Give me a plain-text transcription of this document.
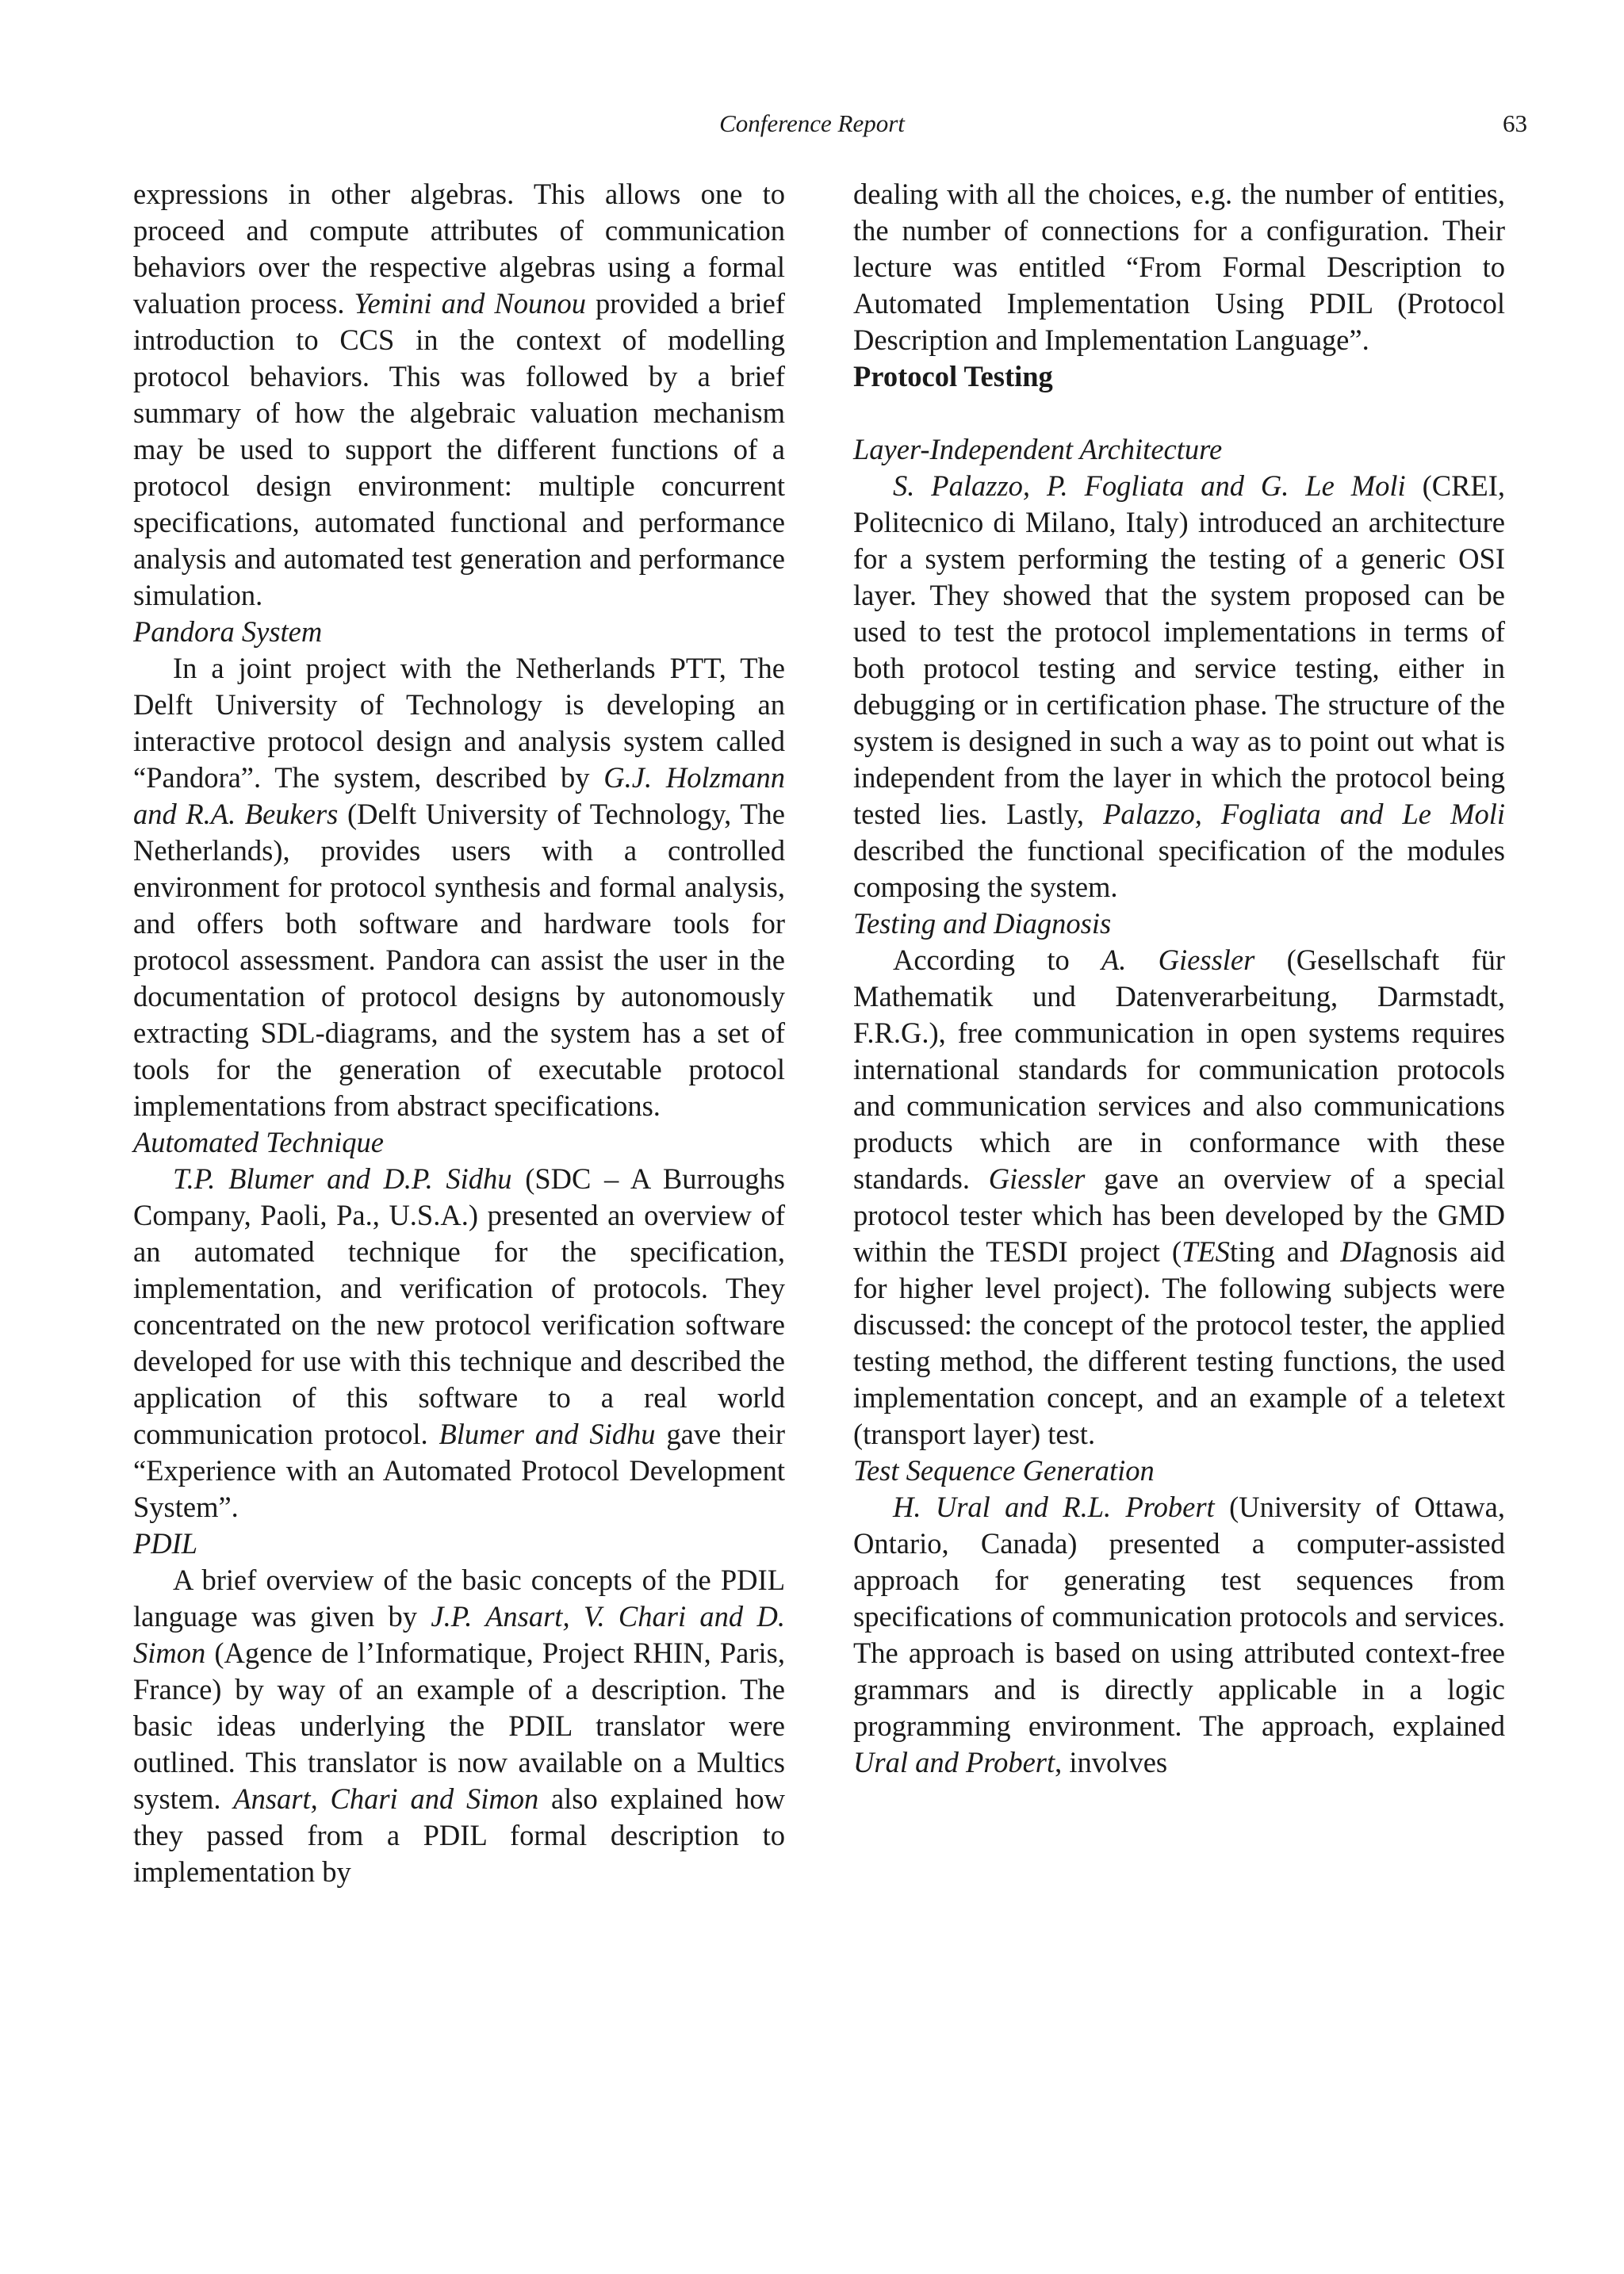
Conference Report	63

expressions in other algebras. This allows one to proceed and compute attributes of communication behaviors over the respective algebras using a formal valuation process. Yemini and Nounou provided a brief introduction to CCS in the context of modelling protocol behaviors. This was followed by a brief summary of how the algebraic valuation mechanism may be used to support the different functions of a protocol design environment: multiple concurrent specifications, automated functional and performance analysis and automated test generation and performance simulation.

Pandora System

In a joint project with the Netherlands PTT, The Delft University of Technology is developing an interactive protocol design and analysis system called “Pandora”. The system, described by G.J. Holzmann and R.A. Beukers (Delft University of Technology, The Netherlands), provides users with a controlled environment for protocol synthesis and formal analysis, and offers both software and hardware tools for protocol assessment. Pandora can assist the user in the documentation of protocol designs by autonomously extracting SDL-diagrams, and the system has a set of tools for the generation of executable protocol implementations from abstract specifications.

Automated Technique

T.P. Blumer and D.P. Sidhu (SDC – A Burroughs Company, Paoli, Pa., U.S.A.) presented an overview of an automated technique for the specification, implementation, and verification of protocols. They concentrated on the new protocol verification software developed for use with this technique and described the application of this software to a real world communication protocol. Blumer and Sidhu gave their “Experience with an Automated Protocol Development System”.

PDIL

A brief overview of the basic concepts of the PDIL language was given by J.P. Ansart, V. Chari and D. Simon (Agence de l’Informatique, Project RHIN, Paris, France) by way of an example of a description. The basic ideas underlying the PDIL translator were outlined. This translator is now available on a Multics system. Ansart, Chari and Simon also explained how they passed from a PDIL formal description to implementation by

dealing with all the choices, e.g. the number of entities, the number of connections for a configuration. Their lecture was entitled “From Formal Description to Automated Implementation Using PDIL (Protocol Description and Implementation Language”.

Protocol Testing
Layer-Independent Architecture

S. Palazzo, P. Fogliata and G. Le Moli (CREI, Politecnico di Milano, Italy) introduced an architecture for a system performing the testing of a generic OSI layer. They showed that the system proposed can be used to test the protocol implementations in terms of both protocol testing and service testing, either in debugging or in certification phase. The structure of the system is designed in such a way as to point out what is independent from the layer in which the protocol being tested lies. Lastly, Palazzo, Fogliata and Le Moli described the functional specification of the modules composing the system.

Testing and Diagnosis

According to A. Giessler (Gesellschaft für Mathematik und Datenverarbeitung, Darmstadt, F.R.G.), free communication in open systems requires international standards for communication protocols and communication services and also communications products which are in conformance with these standards. Giessler gave an overview of a special protocol tester which has been developed by the GMD within the TESDI project (TESting and DIagnosis aid for higher level project). The following subjects were discussed: the concept of the protocol tester, the applied testing method, the different testing functions, the used implementation concept, and an example of a teletext (transport layer) test.

Test Sequence Generation

H. Ural and R.L. Probert (University of Ottawa, Ontario, Canada) presented a computer-assisted approach for generating test sequences from specifications of communication protocols and services. The approach is based on using attributed context-free grammars and is directly applicable in a logic programming environment. The approach, explained Ural and Probert, involves
